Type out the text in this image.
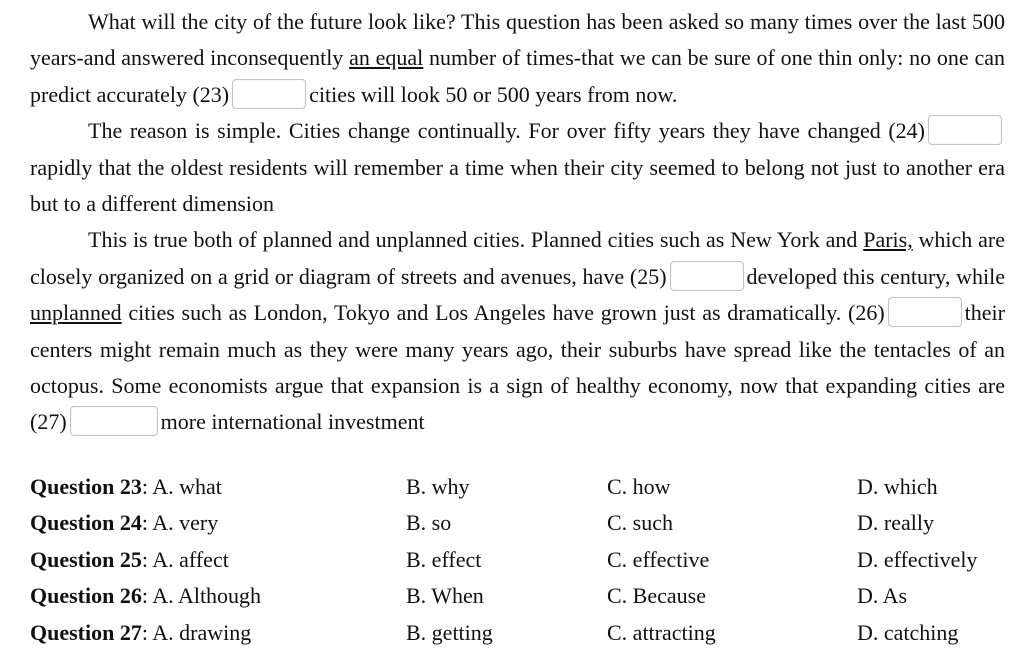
What will the city of the future look like? This question has been asked so many times over the last 500 years-and answered inconsequently an equal number of times-that we can be sure of one thin only: no one can predict accurately (23)	cities will look 50 or 500 years from now.

The reason is simple. Cities change continually. For over fifty years they have changed (24)rapidly that the oldest residents will remember a time when their city seemed to belong not just to another era but to a different dimension

This is true both of planned and unplanned cities. Planned cities such as New York and Paris, which are closely organized on a grid or diagram of streets and avenues, have (25)	developed this century, while unplanned cities such as London, Tokyo and Los Angeles have grown just as dramatically. (26)	their centers might remain much as they were many years ago, their suburbs have spread like the tentacles of an octopus. Some economists argue that expansion is a sign of healthy economy, now that expanding cities are (27)	more international investment

Question 23: A. what	B. why	C. how	D. which
Question 24: A. very	B. so	C. such	D. really
Question 25: A. affect	B. effect	C. effective	D. effectively
Question 26: A. Although	B. When	C. Because	D. As
Question 27: A. drawing	B. getting	C. attracting	D. catching
